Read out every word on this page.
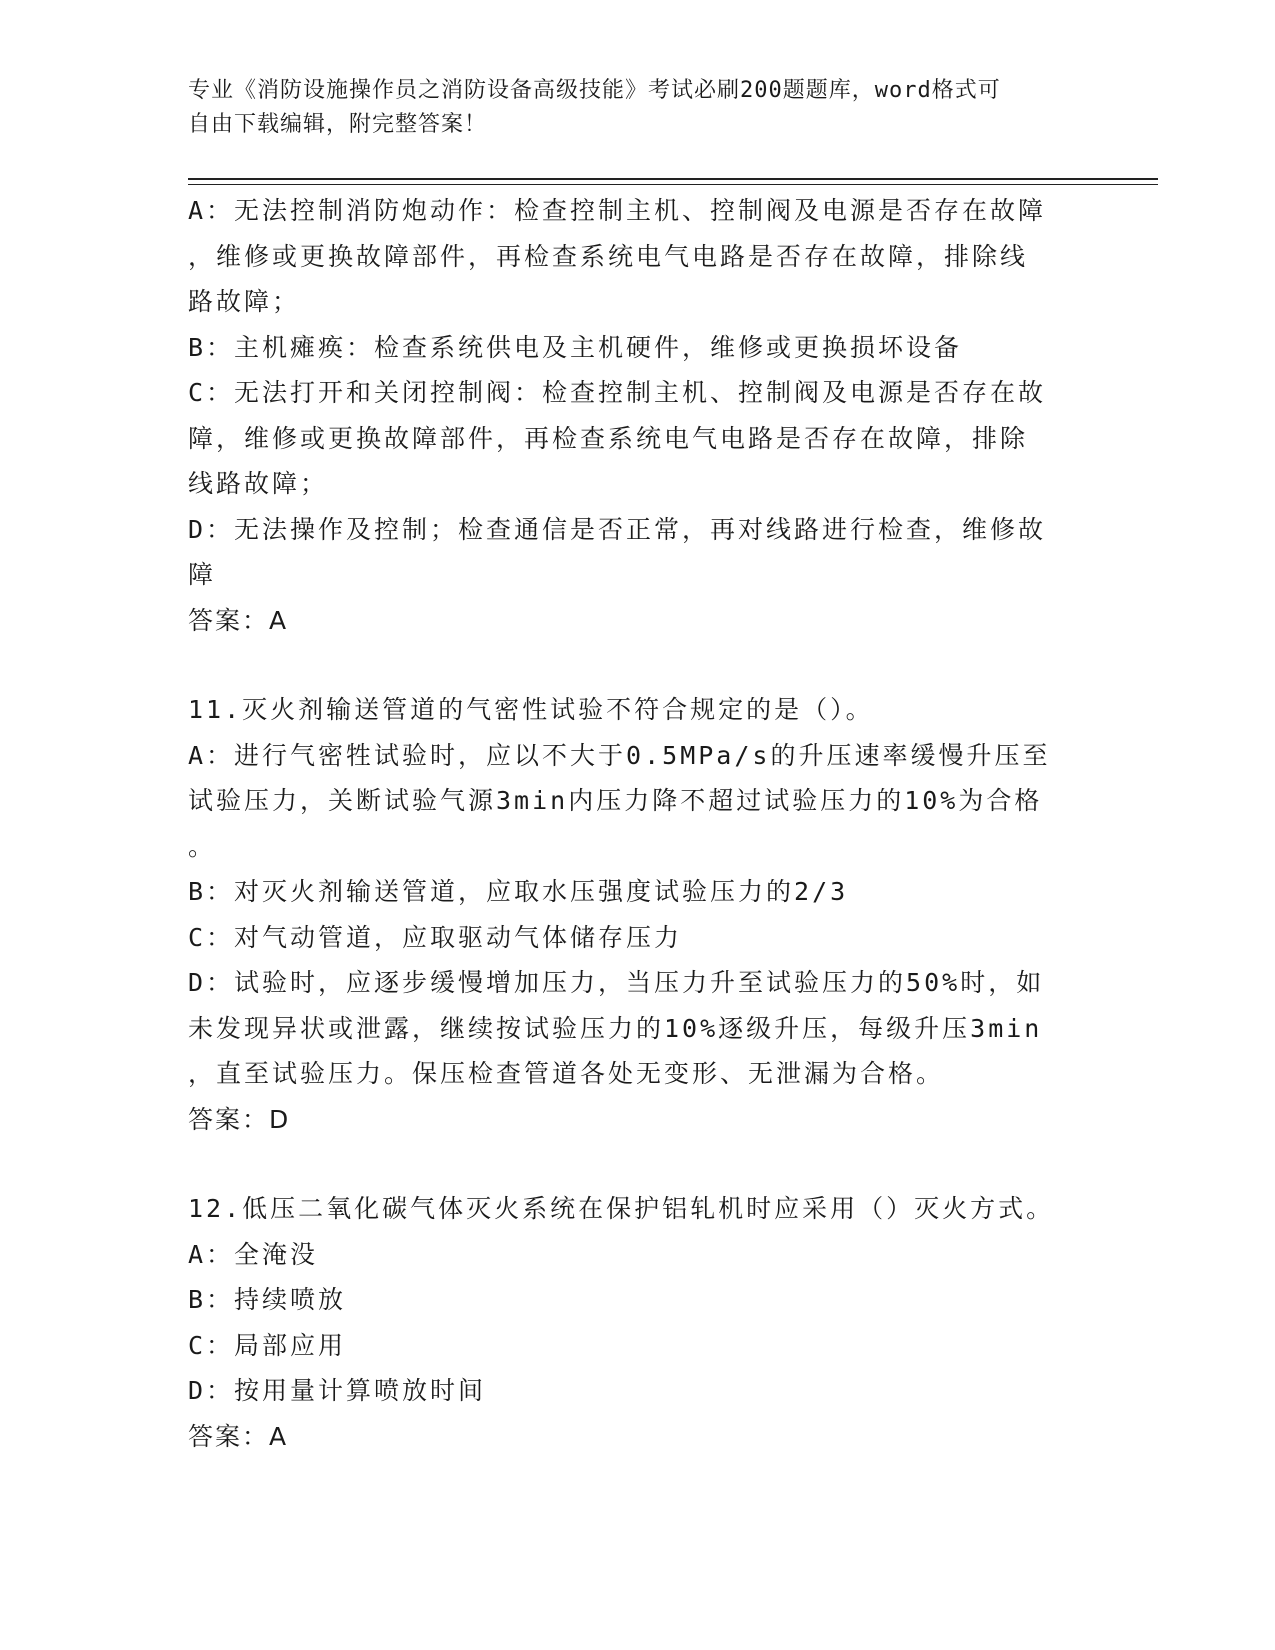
专业《消防设施操作员之消防设备高级技能》考试必刷200题题库，word格式可
自由下载编辑，附完整答案！
A：无法控制消防炮动作：检查控制主机、控制阀及电源是否存在故障
，维修或更换故障部件，再检查系统电气电路是否存在故障，排除线
路故障；
B：主机瘫痪：检查系统供电及主机硬件，维修或更换损坏设备
C：无法打开和关闭控制阀：检查控制主机、控制阀及电源是否存在故
障，维修或更换故障部件，再检查系统电气电路是否存在故障，排除
线路故障；
D：无法操作及控制；检查通信是否正常，再对线路进行检查，维修故
障
答案：A
11.灭火剂输送管道的气密性试验不符合规定的是（）。
A：进行气密牲试验时，应以不大于0.5MPa/s的升压速率缓慢升压至
试验压力，关断试验气源3min内压力降不超过试验压力的10%为合格
。
B：对灭火剂输送管道，应取水压强度试验压力的2/3
C：对气动管道，应取驱动气体储存压力
D：试验时，应逐步缓慢增加压力，当压力升至试验压力的50%时，如
未发现异状或泄露，继续按试验压力的10%逐级升压，每级升压3min
，直至试验压力。保压检查管道各处无变形、无泄漏为合格。
答案：D
12.低压二氧化碳气体灭火系统在保护铝轧机时应采用（）灭火方式。
A：全淹没
B：持续喷放
C：局部应用
D：按用量计算喷放时间
答案：A
